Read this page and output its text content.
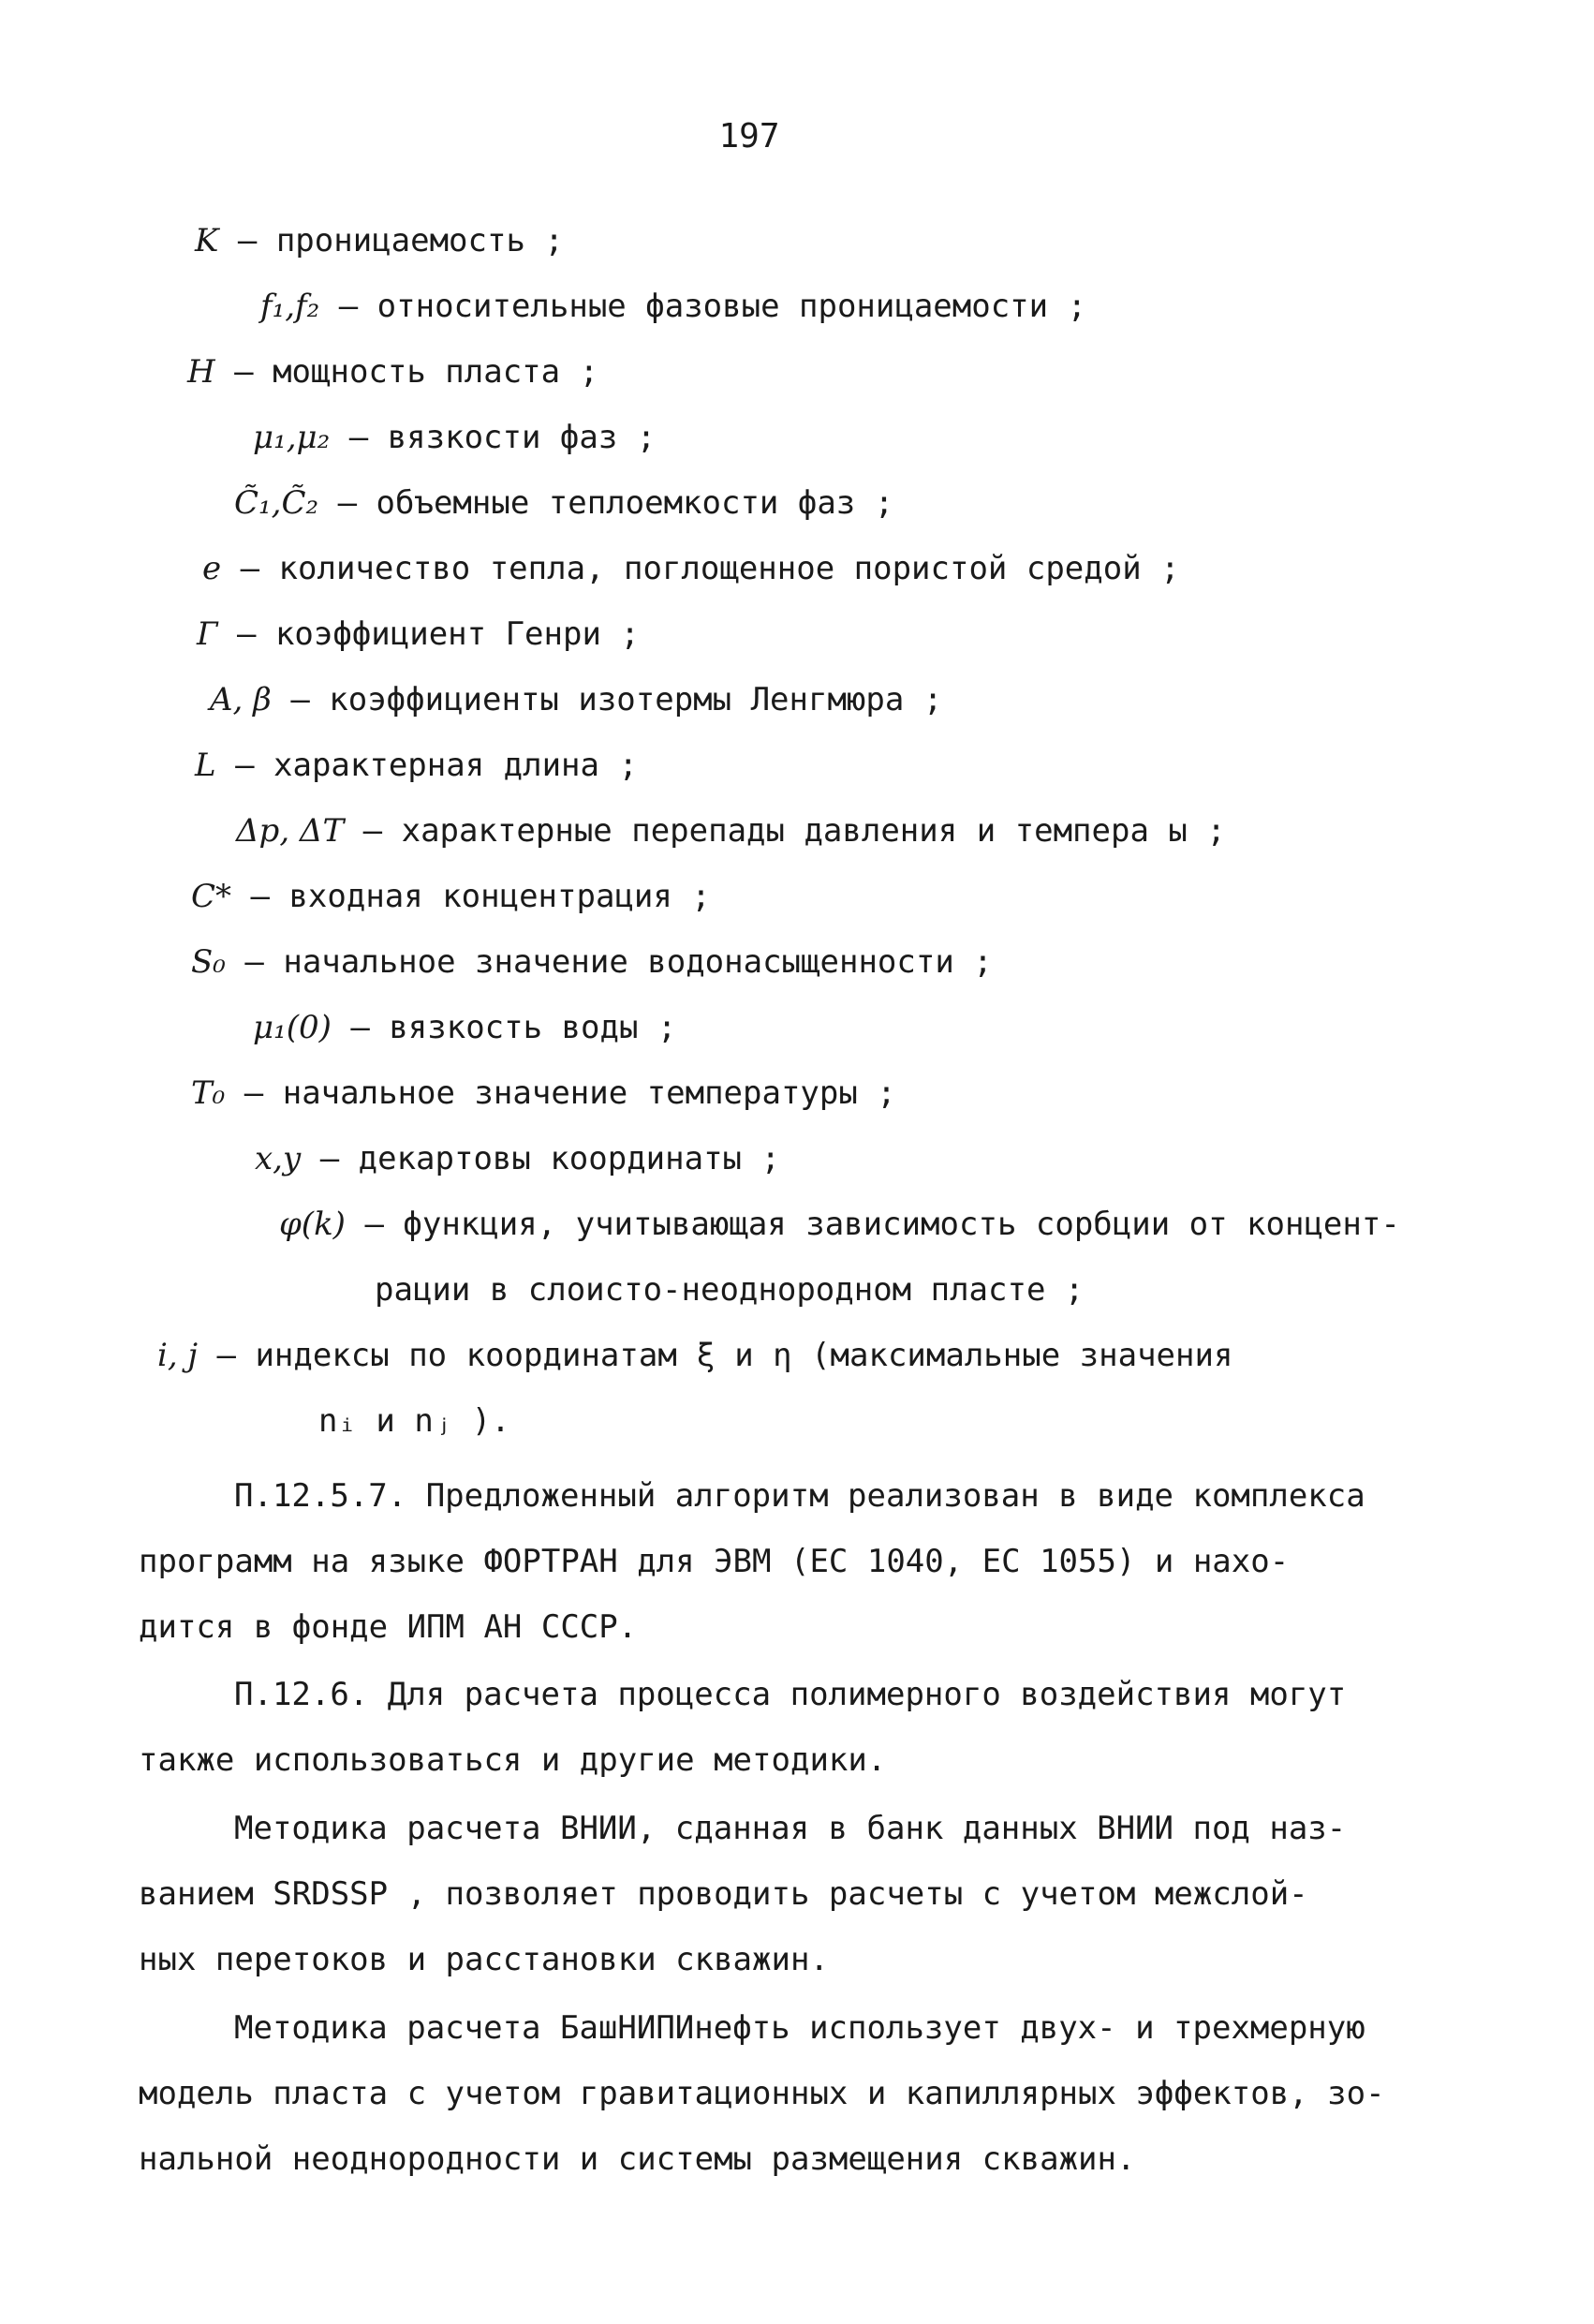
197
K – проницаемость ;
f₁,f₂ – относительные фазовые проницаемости ;
H – мощность пласта ;
μ₁,μ₂ – вязкости фаз ;
C̃₁,C̃₂ – объемные теплоемкости фаз ;
e – количество тепла, поглощенное пористой средой ;
Г – коэффициент Генри ;
A, β – коэффициенты изотермы Ленгмюра ;
L – характерная длина ;
Δp, ΔT – характерные перепады давления и темпера ы ;
C* – входная концентрация ;
S₀ – начальное значение водонасыщенности ;
μ₁(0) – вязкость воды ;
T₀ – начальное значение температуры ;
x,y – декартовы координаты ;
φ(k) – функция, учитывающая зависимость сорбции от концент-
рации в слоисто-неоднородном пласте ;
i, j – индексы по координатам ξ и η (максимальные значения
nᵢ и nⱼ ).
П.12.5.7. Предложенный алгоритм реализован в виде комплекса
программ на языке ФОРТРАН для ЭВМ (ЕС 1040, ЕС 1055) и нахо-
дится в фонде ИПМ АН СССР.
П.12.6. Для расчета процесса полимерного воздействия могут
также использоваться и другие методики.
Методика расчета ВНИИ, сданная в банк данных ВНИИ под наз-
ванием SRDSSP , позволяет проводить расчеты с учетом межслой-
ных перетоков и расстановки скважин.
Методика расчета БашНИПИнефть использует двух- и трехмерную
модель пласта с учетом гравитационных и капиллярных эффектов, зо-
нальной неоднородности и системы размещения скважин.
